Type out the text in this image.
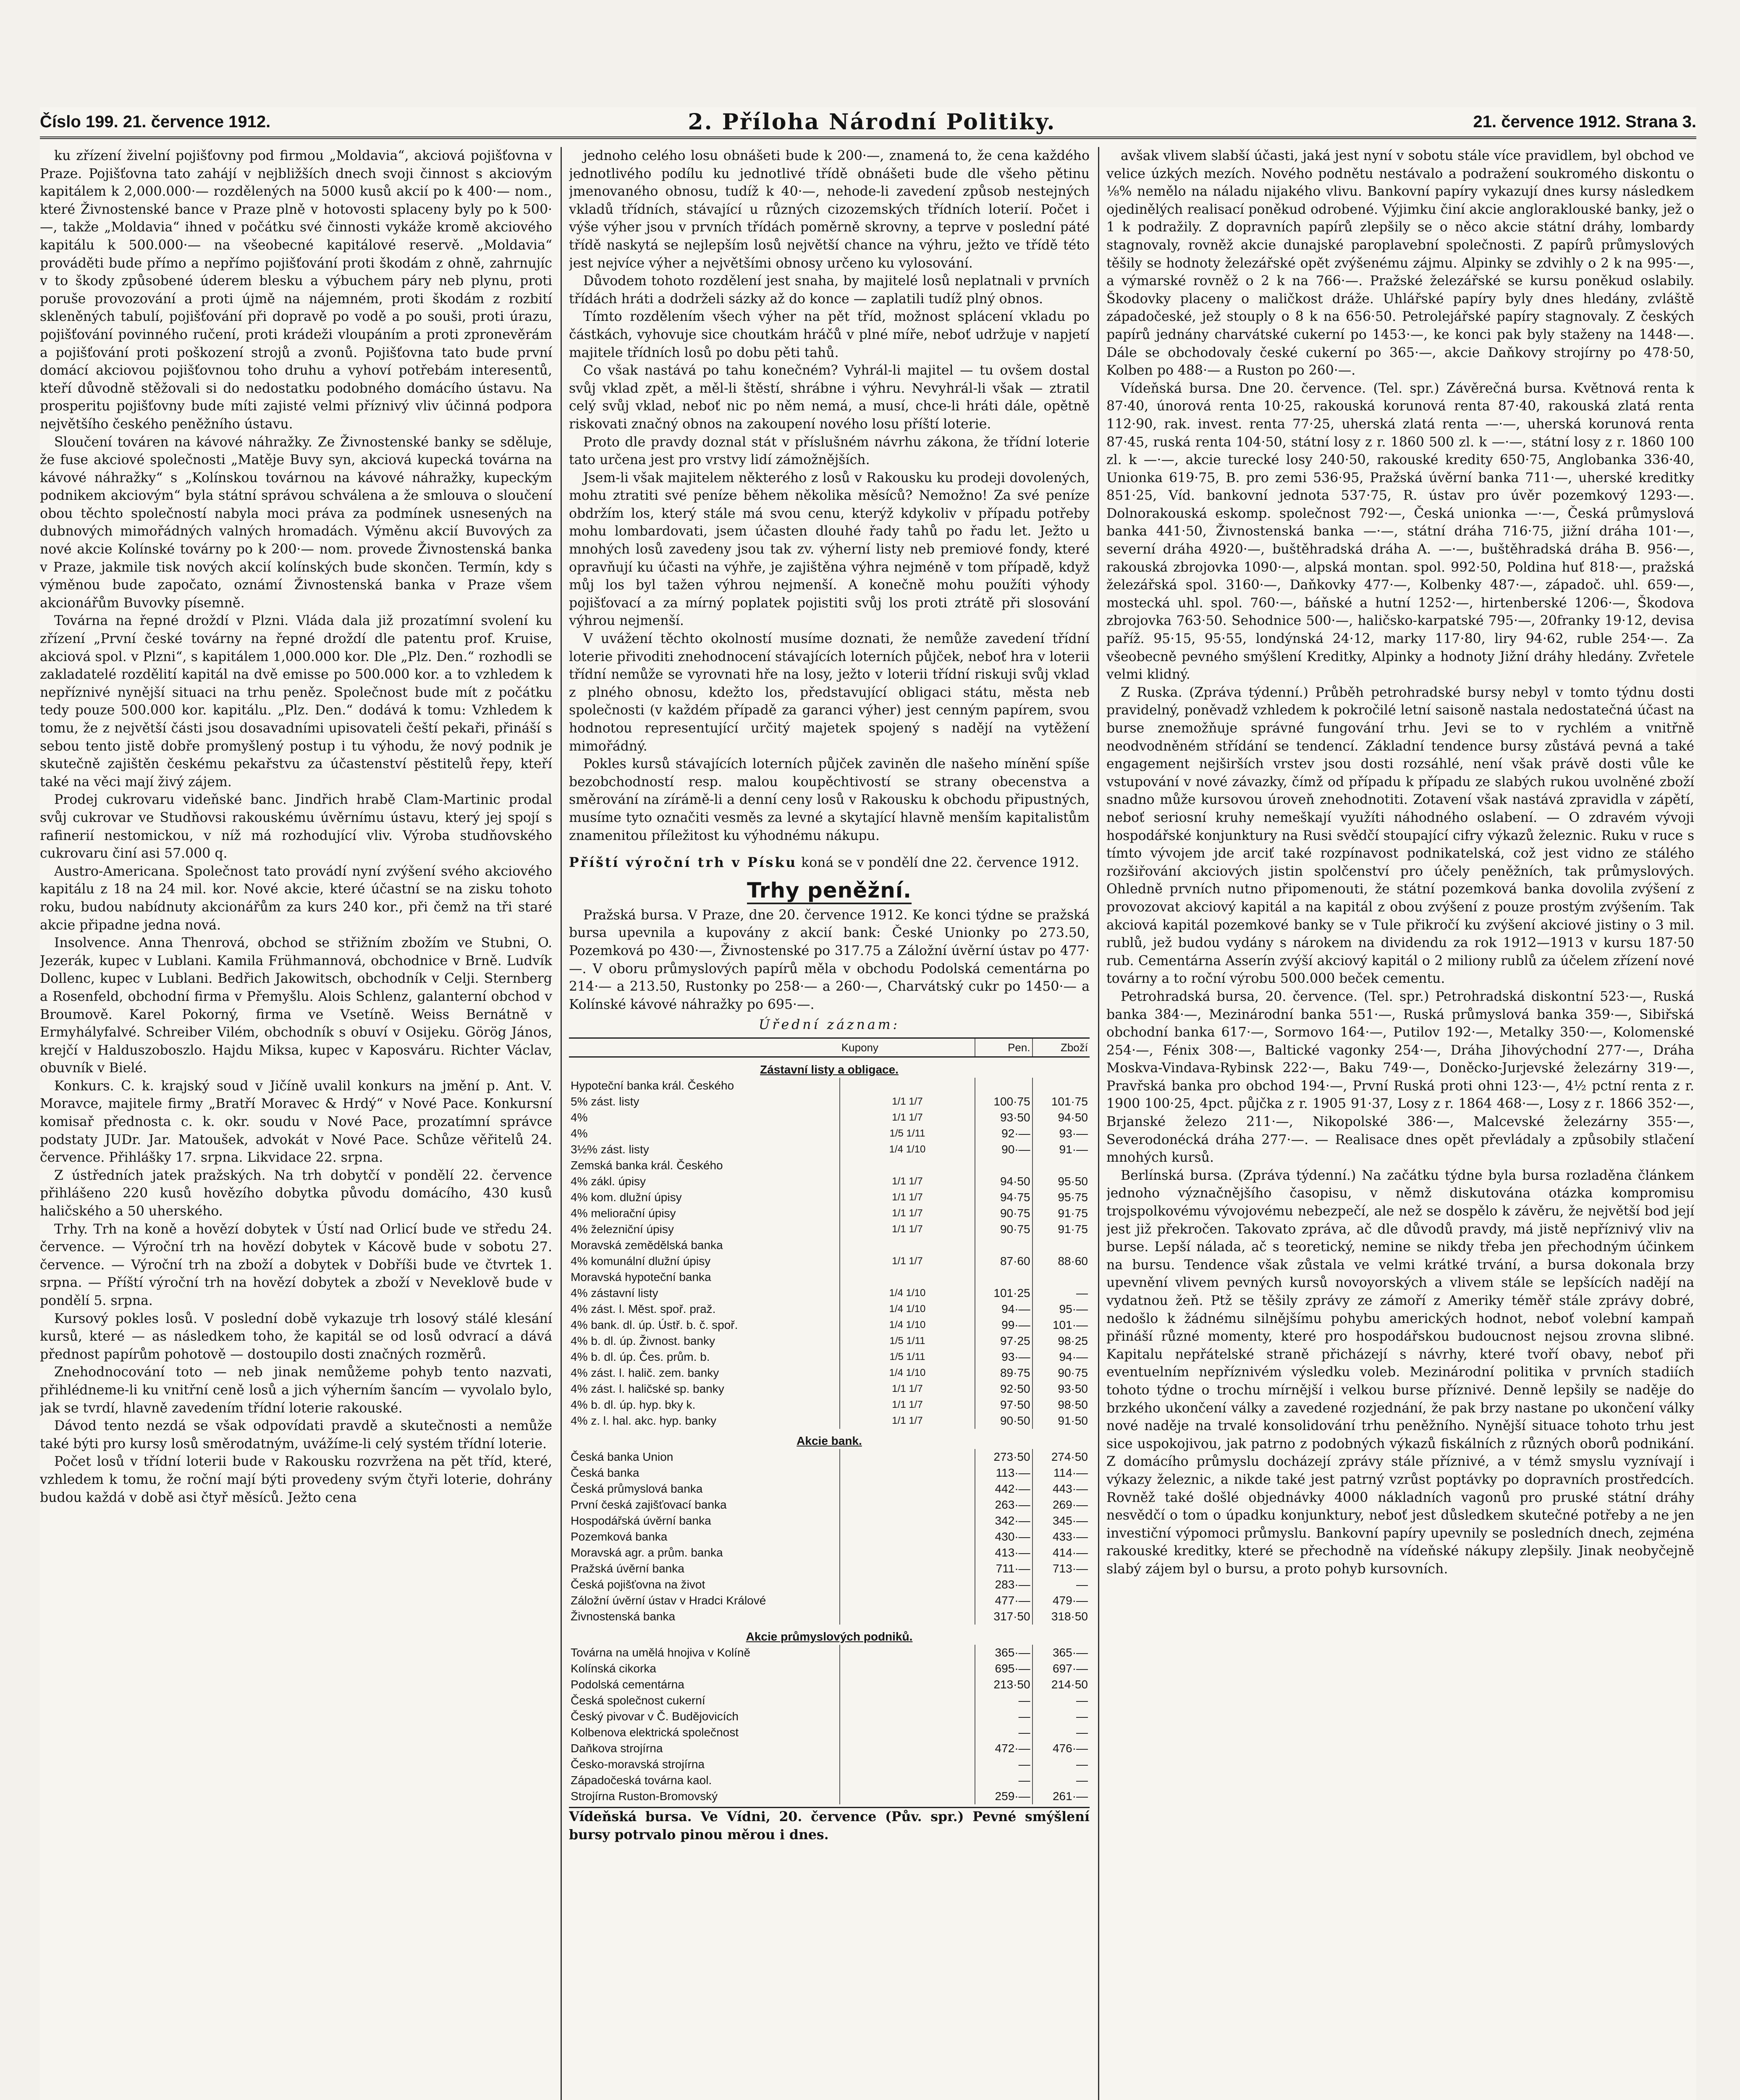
Číslo 199. 21. července 1912.	2. Příloha Národní Politiky.	21. července 1912. Strana 3.

ku zřízení živelní pojišťovny pod firmou „Moldavia“, akciová pojišťovna v Praze. Pojišťovna tato zahájí v nejbližších dnech svoji činnost s akciovým kapitálem k 2,000.000·— rozdělených na 5000 kusů akcií po k 400·— nom., které Živnostenské bance v Praze plně v hotovosti splaceny byly po k 500·—, takže „Moldavia“ ihned v počátku své činnosti vykáže kromě akciového kapitálu k 500.000·— na všeobecné kapitálové reservě. „Moldavia“ prováděti bude přímo a nepřímo pojišťování proti škodám z ohně, zahrnujíc v to škody způsobené úderem blesku a výbuchem páry neb plynu, proti poruše provozování a proti újmě na nájemném, proti škodám z rozbití skleněných tabulí, pojišťování při dopravě po vodě a po souši, proti úrazu, pojišťování povinného ručení, proti krádeži vloupáním a proti zpronevěrám a pojišťování proti poškození strojů a zvonů. Pojišťovna tato bude první domácí akciovou pojišťovnou toho druhu a vyhoví potřebám interesentů, kteří důvodně stěžovali si do nedostatku podobného domácího ústavu. Na prosperitu pojišťovny bude míti zajisté velmi příznivý vliv účinná podpora největšího českého peněžního ústavu.

Sloučení továren na kávové náhražky. Ze Živnostenské banky se sděluje, že fuse akciové společnosti „Matěje Buvy syn, akciová kupecká továrna na kávové náhražky“ s „Kolínskou továrnou na kávové náhražky, kupeckým podnikem akciovým“ byla státní správou schválena a že smlouva o sloučení obou těchto společností nabyla moci práva za podmínek usnesených na dubnových mimořádných valných hromadách. Výměnu akcií Buvových za nové akcie Kolínské továrny po k 200·— nom. provede Živnostenská banka v Praze, jakmile tisk nových akcií kolínských bude skončen. Termín, kdy s výměnou bude započato, oznámí Živnostenská banka v Praze všem akcionářům Buvovky písemně.

Továrna na řepné droždí v Plzni. Vláda dala již prozatímní svolení ku zřízení „První české továrny na řepné droždí dle patentu prof. Kruise, akciová spol. v Plzni“, s kapitálem 1,000.000 kor. Dle „Plz. Den.“ rozhodli se zakladatelé rozdělití kapitál na dvě emisse po 500.000 kor. a to vzhledem k nepříznivé nynější situaci na trhu peněz. Společnost bude mít z počátku tedy pouze 500.000 kor. kapitálu. „Plz. Den.“ dodává k tomu: Vzhledem k tomu, že z největší části jsou dosavadními upisovateli čeští pekaři, přináší s sebou tento jistě dobře promyšlený postup i tu výhodu, že nový podnik je skutečně zajištěn českému pekařstvu za účastenství pěstitelů řepy, kteří také na věci mají živý zájem.

Prodej cukrovaru videňské banc. Jindřich hrabě Clam-Martinic prodal svůj cukrovar ve Studňovsi rakouskému úvěrnímu ústavu, který jej spojí s rafinerií nestomickou, v níž má rozhodující vliv. Výroba studňovského cukrovaru činí asi 57.000 q.

Austro-Americana. Společnost tato provádí nyní zvýšení svého akciového kapitálu z 18 na 24 mil. kor. Nové akcie, které účastní se na zisku tohoto roku, budou nabídnuty akcionářům za kurs 240 kor., při čemž na tři staré akcie připadne jedna nová.

Insolvence. Anna Thenrová, obchod se střižním zbožím ve Stubni, O. Jezerák, kupec v Lublani. Kamila Frühmannová, obchodnice v Brně. Ludvík Dollenc, kupec v Lublani. Bedřich Jakowitsch, obchodník v Celji. Sternberg a Rosenfeld, obchodní firma v Přemyšlu. Alois Schlenz, galanterní obchod v Broumově. Karel Pokorný, firma ve Vsetíně. Weiss Bernátně v Ermyhályfalvé. Schreiber Vilém, obchodník s obuví v Osijeku. Görög János, krejčí v Halduszoboszlo. Hajdu Miksa, kupec v Kaposváru. Richter Václav, obuvník v Bielé.

Konkurs. C. k. krajský soud v Jičíně uvalil konkurs na jmění p. Ant. V. Moravce, majitele firmy „Bratří Moravec & Hrdý“ v Nové Pace. Konkursní komisař přednosta c. k. okr. soudu v Nové Pace, prozatímní správce podstaty JUDr. Jar. Matoušek, advokát v Nové Pace. Schůze věřitelů 24. července. Přihlášky 17. srpna. Likvidace 22. srpna.

Z ústředních jatek pražských. Na trh dobytčí v pondělí 22. července přihlášeno 220 kusů hovězího dobytka původu domácího, 430 kusů haličského a 50 uherského.

Trhy. Trh na koně a hovězí dobytek v Ústí nad Orlicí bude ve středu 24. července. — Výroční trh na hovězí dobytek v Kácově bude v sobotu 27. července. — Výroční trh na zboží a dobytek v Dobříši bude ve čtvrtek 1. srpna. — Příští výroční trh na hovězí dobytek a zboží v Neveklově bude v pondělí 5. srpna.

Kursový pokles losů. V poslední době vykazuje trh losový stálé klesání kursů, které — as následkem toho, že kapitál se od losů odvrací a dává přednost papírům pohotově — dostoupilo dosti značných rozměrů.

Znehodnocování toto — neb jinak nemůžeme pohyb tento nazvati, přihlédneme-li ku vnitřní ceně losů a jich výherním šancím — vyvolalo bylo, jak se tvrdí, hlavně zavedením třídní loterie rakouské.

Dávod tento nezdá se však odpovídati pravdě a skutečnosti a nemůže také býti pro kursy losů směrodatným, uvážíme-li celý systém třídní loterie.

Počet losů v třídní loterii bude v Rakousku rozvržena na pět tříd, které, vzhledem k tomu, že roční mají býti provedeny svým čtyři loterie, dohrány budou každá v době asi čtyř měsíců. Ježto cena

jednoho celého losu obnášeti bude k 200·—, znamená to, že cena každého jednotlivého podílu ku jednotlivé třídě obnášeti bude dle všeho pětinu jmenovaného obnosu, tudíž k 40·—, nehode-li zavedení způsob nestejných vkladů třídních, stávající u různých cizozemských třídních loterií. Počet i výše výher jsou v prvních třídách poměrně skrovny, a teprve v poslední páté třídě naskytá se nejlepším losů největší chance na výhru, ježto ve třídě této jest nejvíce výher a největšími obnosy určeno ku vylosování.

Důvodem tohoto rozdělení jest snaha, by majitelé losů neplatnali v prvních třídách hráti a dodrželi sázky až do konce — zaplatili tudíž plný obnos.

Tímto rozdělením všech výher na pět tříd, možnost splácení vkladu po částkách, vyhovuje sice choutkám hráčů v plné míře, neboť udržuje v napjetí majitele třídních losů po dobu pěti tahů.

Co však nastává po tahu konečném? Vyhrál-li majitel — tu ovšem dostal svůj vklad zpět, a měl-li štěstí, shrábne i výhru. Nevyhrál-li však — ztratil celý svůj vklad, neboť nic po něm nemá, a musí, chce-li hráti dále, opětně riskovati značný obnos na zakoupení nového losu příští loterie.

Proto dle pravdy doznal stát v příslušném návrhu zákona, že třídní loterie tato určena jest pro vrstvy lidí zámožnějších.

Jsem-li však majitelem některého z losů v Rakousku ku prodeji dovolených, mohu ztratiti své peníze během několika měsíců? Nemožno! Za své peníze obdržím los, který stále má svou cenu, kterýž kdykoliv v případu potřeby mohu lombardovati, jsem účasten dlouhé řady tahů po řadu let. Ježto u mnohých losů zavedeny jsou tak zv. výherní listy neb premiové fondy, které opravňují ku účasti na výhře, je zajištěna výhra nejméně v tom případě, když můj los byl tažen výhrou nejmenší. A konečně mohu použíti výhody pojišťovací a za mírný poplatek pojistiti svůj los proti ztrátě při slosování výhrou nejmenší.

V uvážení těchto okolností musíme doznati, že nemůže zavedení třídní loterie přivoditi znehodnocení stávajících loterních půjček, neboť hra v loterii třídní nemůže se vyrovnati hře na losy, ježto v loterii třídní riskuji svůj vklad z plného obnosu, kdežto los, představující obligaci státu, města neb společnosti (v každém případě za garanci výher) jest cenným papírem, svou hodnotou representující určitý majetek spojený s nadějí na vytěžení mimořádný.

Pokles kursů stávajících loterních půjček zaviněn dle našeho mínění spíše bezobchodností resp. malou koupěchtivostí se strany obecenstva a směrování na zírámě-li a denní ceny losů v Rakousku k obchodu připustných, musíme tyto označiti vesměs za levné a skytající hlavně menším kapitalistům znamenitou příležitost ku výhodnému nákupu.

Příští výroční trh v Písku koná se v pondělí dne 22. července 1912.

Trhy peněžní.

Pražská bursa. V Praze, dne 20. července 1912. Ke konci týdne se pražská bursa upevnila a kupovány z akcií bank: České Unionky po 273.50, Pozemková po 430·—, Živnostenské po 317.75 a Záložní úvěrní ústav po 477·—. V oboru průmyslových papírů měla v obchodu Podolská cementárna po 214·— a 213.50, Rustonky po 258·— a 260·—, Charvátský cukr po 1450·— a Kolínské kávové náhražky po 695·—.

Úřední záznam:

	Kupony	Pen.	Zboží
Zástavní listy a obligace.			
Hypoteční banka král. Českého			
5% zást. listy	1/1 1/7	100·75	101·75
4%	1/1 1/7	93·50	94·50
4%	1/5 1/11	92·—	93·—
3½% zást. listy	1/4 1/10	90·—	91·—
Zemská banka král. Českého			
4% zákl. úpisy	1/1 1/7	94·50	95·50
4% kom. dlužní úpisy	1/1 1/7	94·75	95·75
4% meliorační úpisy	1/1 1/7	90·75	91·75
4% železniční úpisy	1/1 1/7	90·75	91·75
Moravská zemědělská banka			
4% komunální dlužní úpisy	1/1 1/7	87·60	88·60
Moravská hypoteční banka			
4% zástavní listy	1/4 1/10	101·25	—
4% zást. l. Měst. spoř. praž.	1/4 1/10	94·—	95·—
4% bank. dl. úp. Ústř. b. č. spoř.	1/4 1/10	99·—	101·—
4% b. dl. úp. Živnost. banky	1/5 1/11	97·25	98·25
4% b. dl. úp. Čes. prům. b.	1/5 1/11	93·—	94·—
4% zást. l. halič. zem. banky	1/4 1/10	89·75	90·75
4% zást. l. haličské sp. banky	1/1 1/7	92·50	93·50
4% b. dl. úp. hyp. bky k.	1/1 1/7	97·50	98·50
4% z. l. hal. akc. hyp. banky	1/1 1/7	90·50	91·50
Akcie bank.			
Česká banka Union		273·50	274·50
Česká banka		113·—	114·—
Česká průmyslová banka		442·—	443·—
První česká zajišťovací banka		263·—	269·—
Hospodářská úvěrní banka		342·—	345·—
Pozemková banka		430·—	433·—
Moravská agr. a prům. banka		413·—	414·—
Pražská úvěrní banka		711·—	713·—
Česká pojišťovna na život		283·—	—
Záložní úvěrní ústav v Hradci Králové		477·—	479·—
Živnostenská banka		317·50	318·50
Akcie průmyslových podniků.			
Továrna na umělá hnojiva v Kolíně		365·—	365·—
Kolínská cikorka		695·—	697·—
Podolská cementárna		213·50	214·50
Česká společnost cukerní		—	—
Český pivovar v Č. Budějovicích		—	—
Kolbenova elektrická společnost		—	—
Daňkova strojírna		472·—	476·—
Česko-moravská strojírna		—	—
Západočeská továrna kaol.		—	—
Strojírna Ruston-Bromovský		259·—	261·—

Vídeňská bursa. Ve Vídni, 20. července (Pův. spr.) Pevné smýšlení bursy potrvalo pinou měrou i dnes.

avšak vlivem slabší účasti, jaká jest nyní v sobotu stále více pravidlem, byl obchod ve velice úzkých mezích. Nového podnětu nestávalo a podražení soukromého diskontu o ⅛% nemělo na náladu nijakého vlivu. Bankovní papíry vykazují dnes kursy následkem ojedinělých realisací poněkud odrobené. Výjimku činí akcie angloraklouské banky, jež o 1 k podražily. Z dopravních papírů zlepšily se o něco akcie státní dráhy, lombardy stagnovaly, rovněž akcie dunajské paroplavební společnosti. Z papírů průmyslových těšily se hodnoty železářské opět zvýšenému zájmu. Alpinky se zdvihly o 2 k na 995·—, a výmarské rovněž o 2 k na 766·—. Pražské železářské se kursu poněkud oslabily. Škodovky placeny o maličkost dráže. Uhlářské papíry byly dnes hledány, zvláště západočeské, jež stouply o 8 k na 656·50. Petrolejářské papíry stagnovaly. Z českých papírů jednány charvátské cukerní po 1453·—, ke konci pak byly staženy na 1448·—. Dále se obchodovaly české cukerní po 365·—, akcie Daňkovy strojírny po 478·50, Kolben po 488·— a Ruston po 260·—.

Vídeňská bursa. Dne 20. července. (Tel. spr.) Závěrečná bursa. Květnová renta k 87·40, únorová renta 10·25, rakouská korunová renta 87·40, rakouská zlatá renta 112·90, rak. invest. renta 77·25, uherská zlatá renta —·—, uherská korunová renta 87·45, ruská renta 104·50, státní losy z r. 1860 500 zl. k —·—, státní losy z r. 1860 100 zl. k —·—, akcie turecké losy 240·50, rakouské kredity 650·75, Anglobanka 336·40, Unionka 619·75, B. pro zemi 536·95, Pražská úvěrní banka 711·—, uherské kreditky 851·25, Víd. bankovní jednota 537·75, R. ústav pro úvěr pozemkový 1293·—. Dolnorakouská eskomp. společnost 792·—, Česká unionka —·—, Česká průmyslová banka 441·50, Živnostenská banka —·—, státní dráha 716·75, jižní dráha 101·—, severní dráha 4920·—, buštěhradská dráha A. —·—, buštěhradská dráha B. 956·—, rakouská zbrojovka 1090·—, alpská montan. spol. 992·50, Poldina huť 818·—, pražská železářská spol. 3160·—, Daňkovky 477·—, Kolbenky 487·—, západoč. uhl. 659·—, mostecká uhl. spol. 760·—, báňské a hutní 1252·—, hirtenberské 1206·—, Škodova zbrojovka 763·50. Sehodnice 500·—, haličsko-karpatské 795·—, 20franky 19·12, devisa paříž. 95·15, 95·55, londýnská 24·12, marky 117·80, liry 94·62, ruble 254·—. Za všeobecně pevného smýšlení Kreditky, Alpinky a hodnoty Jižní dráhy hledány. Zvřetele velmi klidný.

Z Ruska. (Zpráva týdenní.) Průběh petrohradské bursy nebyl v tomto týdnu dosti pravidelný, poněvadž vzhledem k pokročilé letní saisoně nastala nedostatečná účast na burse znemožňuje správné fungování trhu. Jevi se to v rychlém a vnitřně neodvodněném střídání se tendencí. Základní tendence bursy zůstává pevná a také engagement nejširších vrstev jsou dosti rozsáhlé, není však právě dosti vůle ke vstupování v nové závazky, čímž od případu k případu ze slabých rukou uvolněné zboží snadno může kursovou úroveň znehodnotiti. Zotavení však nastává zpravidla v zápětí, neboť seriosní kruhy nemeškají využíti náhodného oslabení. — O zdravém vývoji hospodářské konjunktury na Rusi svědčí stoupající cifry výkazů železnic. Ruku v ruce s tímto vývojem jde arciť také rozpínavost podnikatelská, což jest vidno ze stálého rozšiřování akciových jistin spolčenství pro účely peněžních, tak průmyslových. Ohledně prvních nutno připomenouti, že státní pozemková banka dovolila zvýšení z provozovat akciový kapitál a na kapitál z obou zvýšení z pouze prostým zvýšením. Tak akciová kapitál pozemkové banky se v Tule přikročí ku zvýšení akciové jistiny o 3 mil. rublů, jež budou vydány s nárokem na dividendu za rok 1912—1913 v kursu 187·50 rub. Cementárna Asserín zvýší akciový kapitál o 2 miliony rublů za účelem zřízení nové továrny a to roční výrobu 500.000 beček cementu.

Petrohradská bursa, 20. července. (Tel. spr.) Petrohradská diskontní 523·—, Ruská banka 384·—, Mezinárodní banka 551·—, Ruská průmyslová banka 359·—, Sibiřská obchodní banka 617·—, Sormovo 164·—, Putilov 192·—, Metalky 350·—, Kolomenské 254·—, Fénix 308·—, Baltické vagonky 254·—, Dráha Jihovýchodní 277·—, Dráha Moskva-Vindava-Rybinsk 222·—, Baku 749·—, Doněcko-Jurjevské železárny 319·—, Pravřská banka pro obchod 194·—, První Ruská proti ohni 123·—, 4½ pctní renta z r. 1900 100·25, 4pct. půjčka z r. 1905 91·37, Losy z r. 1864 468·—, Losy z r. 1866 352·—, Brjanské železo 211·—, Nikopolské 386·—, Malcevské železárny 355·—, Severodonécká dráha 277·—. — Realisace dnes opět převládaly a způsobily stlačení mnohých kursů.

Berlínská bursa. (Zpráva týdenní.) Na začátku týdne byla bursa rozladěna článkem jednoho význačnějšího časopisu, v němž diskutována otázka kompromisu trojspolkovému vývojovému nebezpečí, ale než se dospělo k závěru, že největší bod její jest již překročen. Takovato zpráva, ač dle důvodů pravdy, má jistě nepříznivý vliv na burse. Lepší nálada, ač s teoretický, nemine se nikdy třeba jen přechodným účinkem na bursu. Tendence však zůstala ve velmi krátké trvání, a bursa dokonala brzy upevnění vlivem pevných kursů novoyorských a vlivem stále se lepšících nadějí na vydatnou žeň. Ptž se těšily zprávy ze zámoří z Ameriky téměř stále zprávy dobré, nedošlo k žádnému silnějšímu pohybu amerických hodnot, neboť volební kampaň přináší různé momenty, které pro hospodářskou budoucnost nejsou zrovna slibné. Kapitalu nepřátelské straně přicházejí s návrhy, které tvoří obavy, neboť při eventuelním nepříznivém výsledku voleb. Mezinárodní politika v prvních stadiích tohoto týdne o trochu mírnější i velkou burse příznivé. Denně lepšily se naděje do brzkého ukončení války a zavedené rozjednání, že pak brzy nastane po ukončení války nové naděje na trvalé konsolidování trhu peněžního. Nynější situace tohoto trhu jest sice uspokojivou, jak patrno z podobných výkazů fiskálních z různých oborů podnikání. Z domácího průmyslu docházejí zprávy stále příznivé, a v témž smyslu vyznívají i výkazy železnic, a nikde také jest patrný vzrůst poptávky po dopravních prostředcích. Rovněž také došlé objednávky 4000 nákladních vagonů pro pruské státní dráhy nesvědčí o tom o úpadku konjunktury, neboť jest důsledkem skutečné potřeby a ne jen investiční výpomoci průmyslu. Bankovní papíry upevnily se posledních dnech, zejména rakouské kreditky, které se přechodně na vídeňské nákupy zlepšily. Jinak neobyčejně slabý zájem byl o bursu, a proto pohyb kursovních.
